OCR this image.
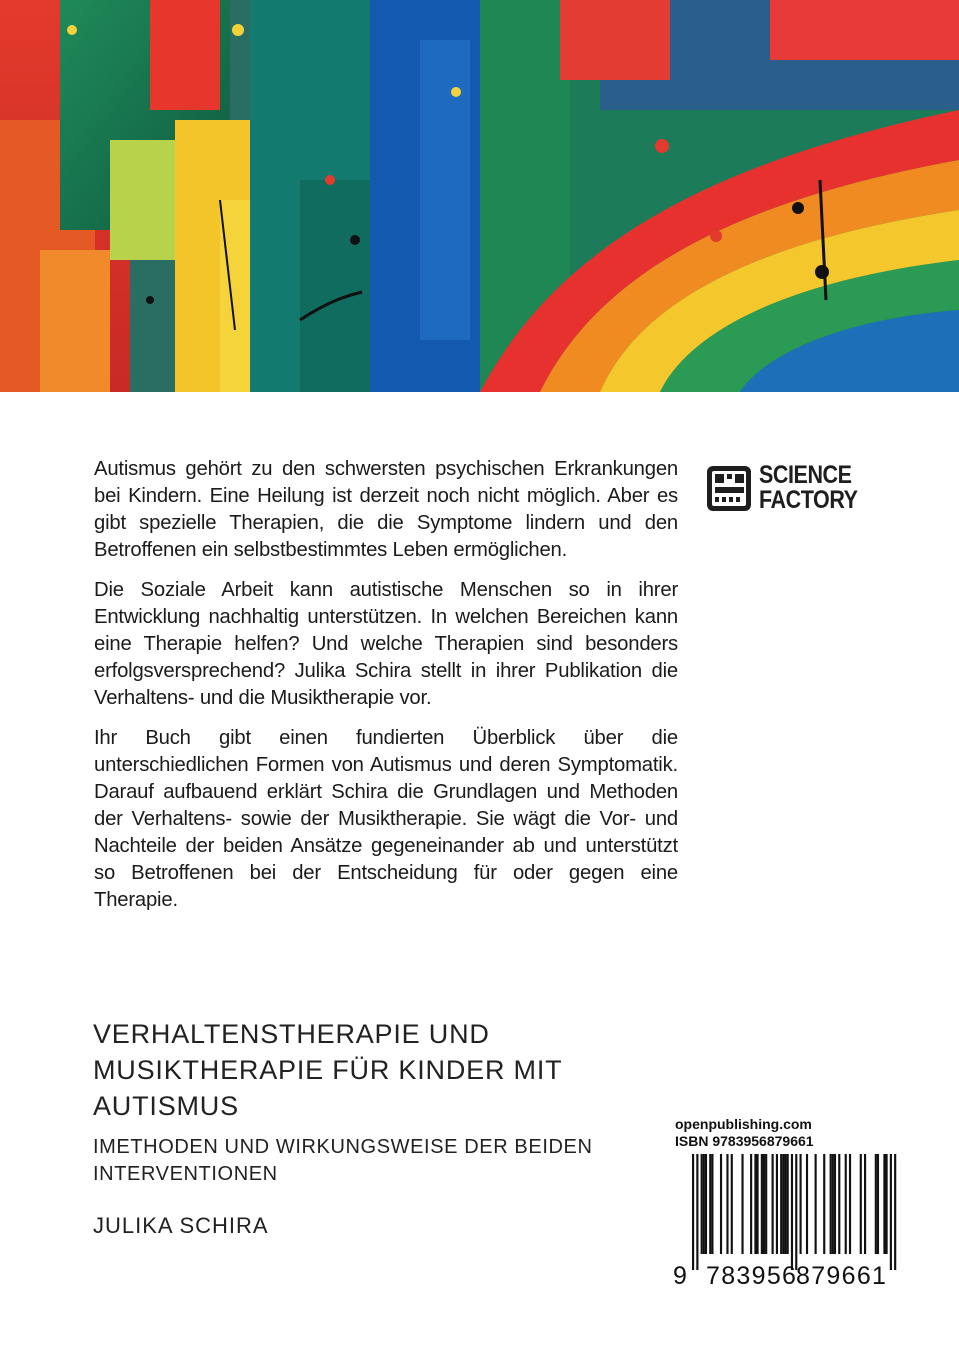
Autismus gehört zu den schwersten psychischen Erkrankungen bei Kindern. Eine Heilung ist derzeit noch nicht möglich. Aber es gibt spezielle Therapien, die die Symptome lindern und den Betroffenen ein selbstbestimmtes Leben ermöglichen.

Die Soziale Arbeit kann autistische Menschen so in ihrer Entwicklung nachhaltig unterstützen. In welchen Bereichen kann eine Therapie helfen? Und welche Therapien sind besonders erfolgsversprechend? Julika Schira stellt in ihrer Publikation die Verhaltens- und die Musiktherapie vor.

Ihr Buch gibt einen fundierten Überblick über die unterschiedlichen Formen von Autismus und deren Symptomatik. Darauf aufbauend erklärt Schira die Grundlagen und Methoden der Verhaltens- sowie der Musiktherapie. Sie wägt die Vor- und Nachteile der beiden Ansätze gegeneinander ab und unterstützt so Betroffenen bei der Entscheidung für oder gegen eine Therapie.

SCIENCE
FACTORY
VERHALTENSTHERAPIE UND MUSIKTHERAPIE FÜR KINDER MIT AUTISMUS
IMETHODEN UND WIRKUNGSWEISE DER BEIDEN INTERVENTIONEN
JULIKA SCHIRA
openpublishing.com
ISBN 9783956879661
9 783956
879661
